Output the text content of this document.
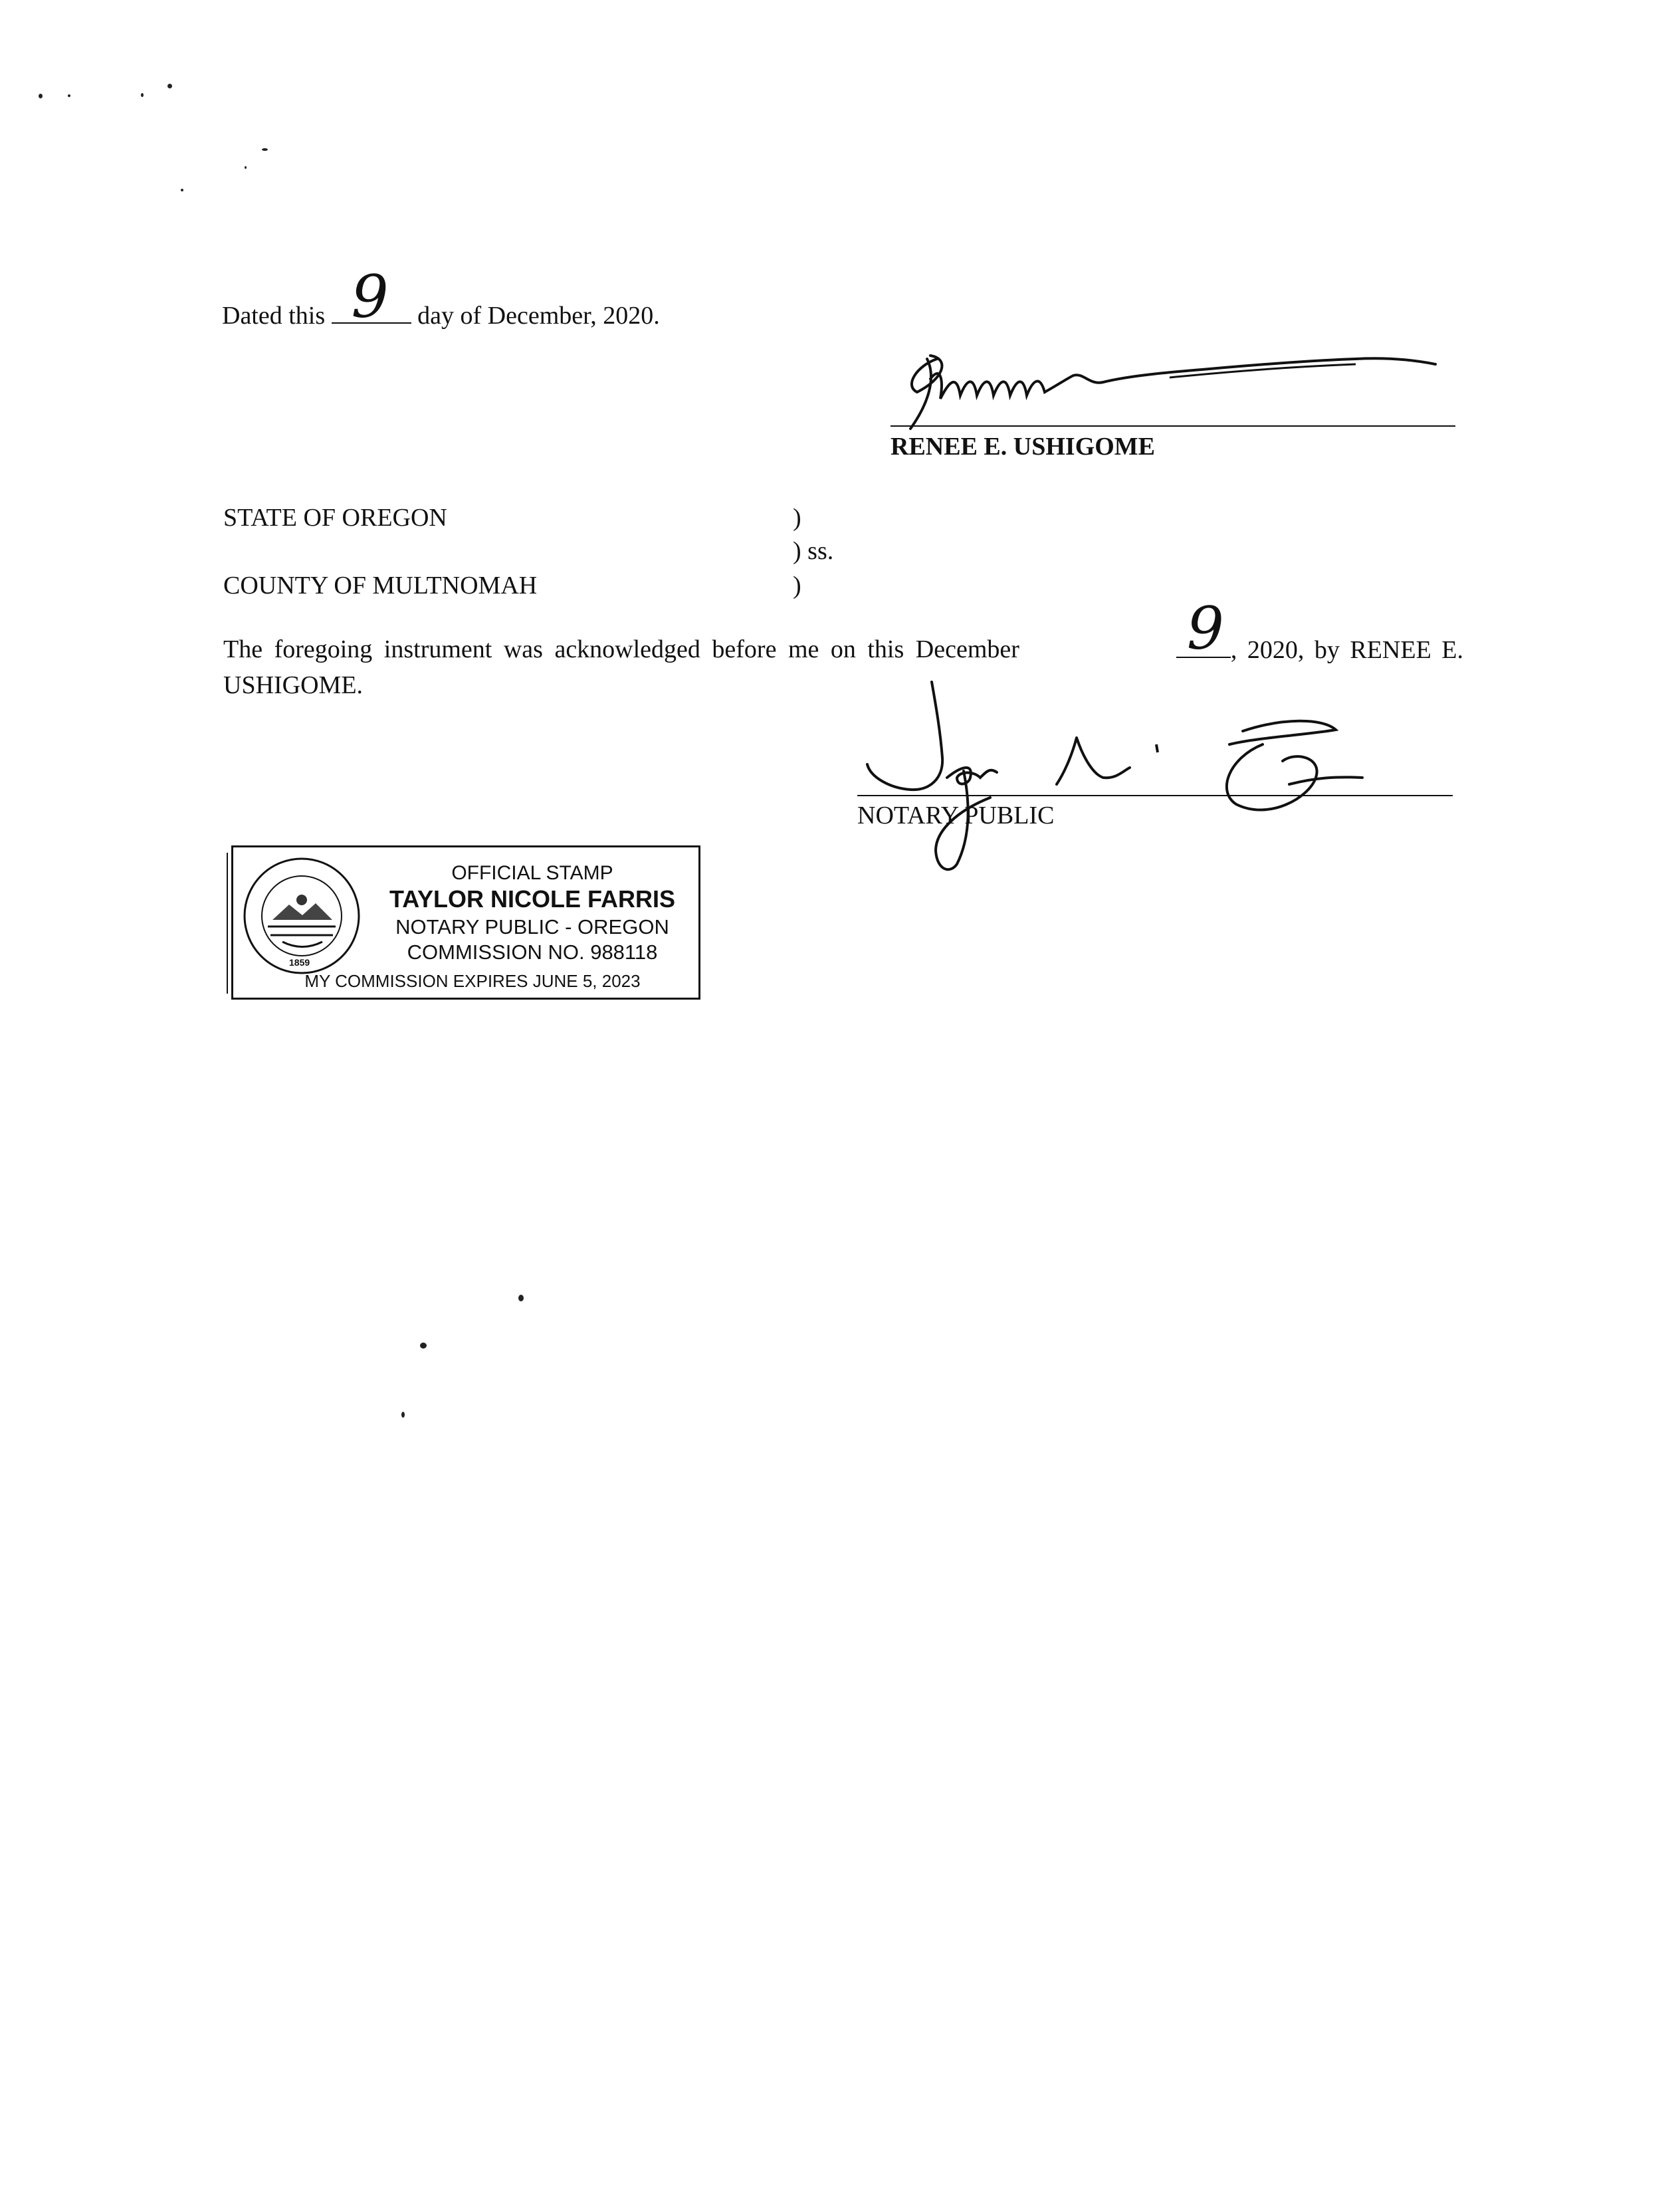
Dated this 9 day of December, 2020.
RENEE E. USHIGOME
STATE OF OREGON	)
) ss.
COUNTY OF MULTNOMAH	)
The foregoing instrument was acknowledged before me on this December	9 , 2020, by RENEE E.
USHIGOME.
NOTARY PUBLIC
1859
OFFICIAL STAMP
TAYLOR NICOLE FARRIS
NOTARY PUBLIC - OREGON
COMMISSION NO. 988118
MY COMMISSION EXPIRES JUNE 5, 2023
